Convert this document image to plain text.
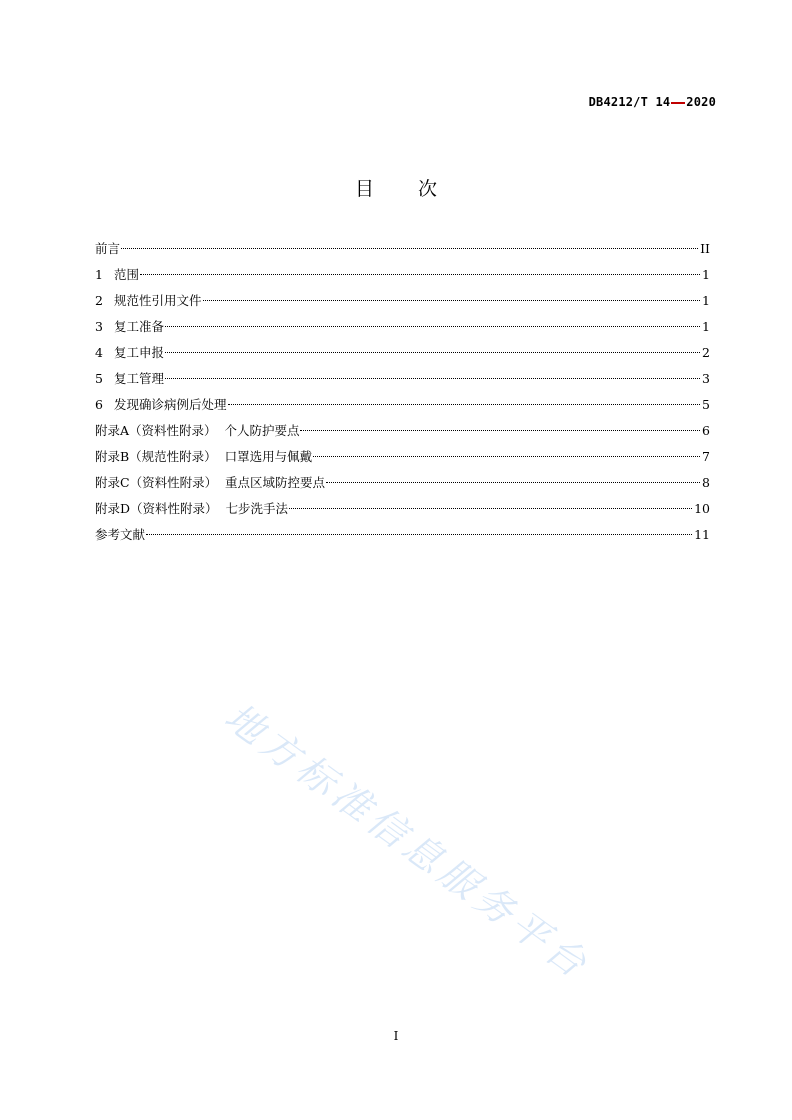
DB4212/T 14 2020
目次
前言	II
1 范围	1
2 规范性引用文件	1
3 复工准备	1
4 复工申报	2
5 复工管理	3
6 发现确诊病例后处理	5
附录A（资料性附录）  个人防护要点	6
附录B（规范性附录）  口罩选用与佩戴	7
附录C（资料性附录）  重点区域防控要点	8
附录D（资料性附录）  七步洗手法	10
参考文献	11
地方标准信息服务平台
I
